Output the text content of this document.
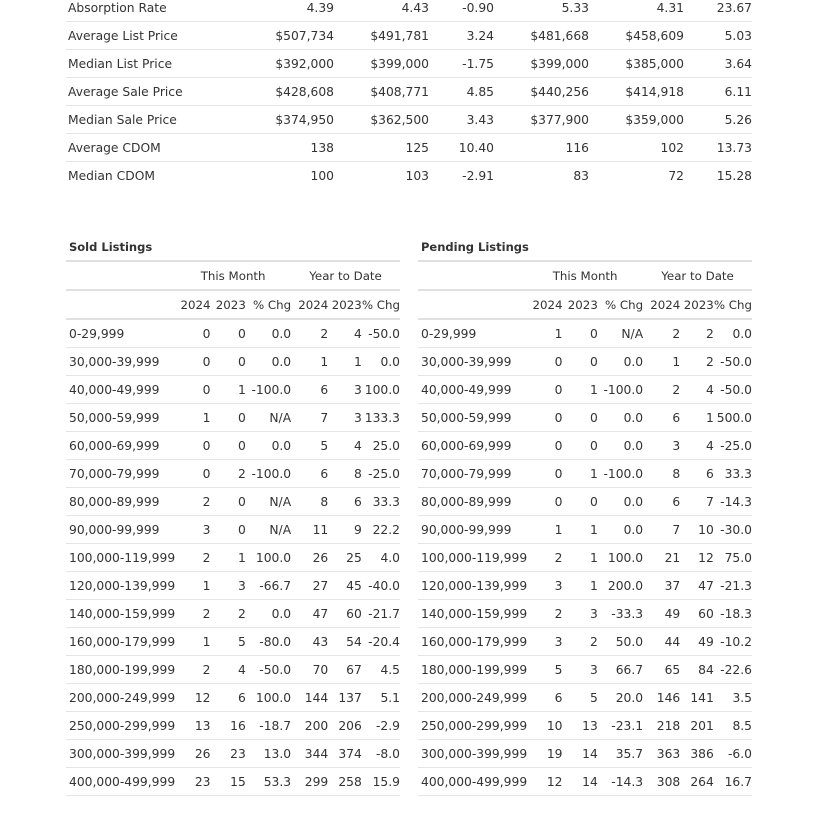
Absorption Rate	4.39	4.43	-0.90	5.33	4.31	23.67
Average List Price	$507,734	$491,781	3.24	$481,668	$458,609	5.03
Median List Price	$392,000	$399,000	-1.75	$399,000	$385,000	3.64
Average Sale Price	$428,608	$408,771	4.85	$440,256	$414,918	6.11
Median Sale Price	$374,950	$362,500	3.43	$377,900	$359,000	5.26
Average CDOM	138	125	10.40	116	102	13.73
Median CDOM	100	103	-2.91	83	72	15.28
Sold Listings
	This Month			Year to Date		
	2024	2023	% Chg	2024	2023	% Chg
0-29,999	0	0	0.0	2	4	-50.0
30,000-39,999	0	0	0.0	1	1	0.0
40,000-49,999	0	1	-100.0	6	3	100.0
50,000-59,999	1	0	N/A	7	3	133.3
60,000-69,999	0	0	0.0	5	4	25.0
70,000-79,999	0	2	-100.0	6	8	-25.0
80,000-89,999	2	0	N/A	8	6	33.3
90,000-99,999	3	0	N/A	11	9	22.2
100,000-119,999	2	1	100.0	26	25	4.0
120,000-139,999	1	3	-66.7	27	45	-40.0
140,000-159,999	2	2	0.0	47	60	-21.7
160,000-179,999	1	5	-80.0	43	54	-20.4
180,000-199,999	2	4	-50.0	70	67	4.5
200,000-249,999	12	6	100.0	144	137	5.1
250,000-299,999	13	16	-18.7	200	206	-2.9
300,000-399,999	26	23	13.0	344	374	-8.0
400,000-499,999	23	15	53.3	299	258	15.9
Pending Listings
	This Month			Year to Date		
	2024	2023	% Chg	2024	2023	% Chg
0-29,999	1	0	N/A	2	2	0.0
30,000-39,999	0	0	0.0	1	2	-50.0
40,000-49,999	0	1	-100.0	2	4	-50.0
50,000-59,999	0	0	0.0	6	1	500.0
60,000-69,999	0	0	0.0	3	4	-25.0
70,000-79,999	0	1	-100.0	8	6	33.3
80,000-89,999	0	0	0.0	6	7	-14.3
90,000-99,999	1	1	0.0	7	10	-30.0
100,000-119,999	2	1	100.0	21	12	75.0
120,000-139,999	3	1	200.0	37	47	-21.3
140,000-159,999	2	3	-33.3	49	60	-18.3
160,000-179,999	3	2	50.0	44	49	-10.2
180,000-199,999	5	3	66.7	65	84	-22.6
200,000-249,999	6	5	20.0	146	141	3.5
250,000-299,999	10	13	-23.1	218	201	8.5
300,000-399,999	19	14	35.7	363	386	-6.0
400,000-499,999	12	14	-14.3	308	264	16.7
